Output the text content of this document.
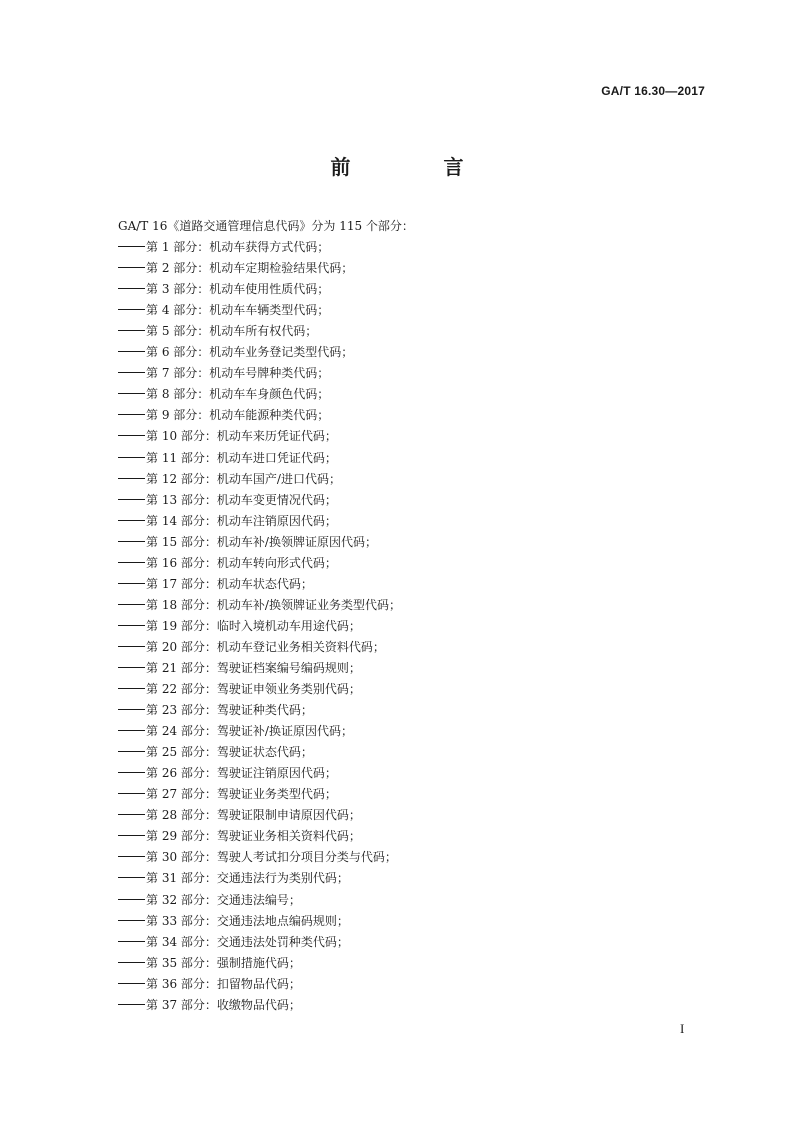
GA/T 16.30—2017
前 言
GA/T 16《道路交通管理信息代码》分为 115 个部分：
第 1 部分：机动车获得方式代码；
第 2 部分：机动车定期检验结果代码；
第 3 部分：机动车使用性质代码；
第 4 部分：机动车车辆类型代码；
第 5 部分：机动车所有权代码；
第 6 部分：机动车业务登记类型代码；
第 7 部分：机动车号牌种类代码；
第 8 部分：机动车车身颜色代码；
第 9 部分：机动车能源种类代码；
第 10 部分：机动车来历凭证代码；
第 11 部分：机动车进口凭证代码；
第 12 部分：机动车国产/进口代码；
第 13 部分：机动车变更情况代码；
第 14 部分：机动车注销原因代码；
第 15 部分：机动车补/换领牌证原因代码；
第 16 部分：机动车转向形式代码；
第 17 部分：机动车状态代码；
第 18 部分：机动车补/换领牌证业务类型代码；
第 19 部分：临时入境机动车用途代码；
第 20 部分：机动车登记业务相关资料代码；
第 21 部分：驾驶证档案编号编码规则；
第 22 部分：驾驶证申领业务类别代码；
第 23 部分：驾驶证种类代码；
第 24 部分：驾驶证补/换证原因代码；
第 25 部分：驾驶证状态代码；
第 26 部分：驾驶证注销原因代码；
第 27 部分：驾驶证业务类型代码；
第 28 部分：驾驶证限制申请原因代码；
第 29 部分：驾驶证业务相关资料代码；
第 30 部分：驾驶人考试扣分项目分类与代码；
第 31 部分：交通违法行为类别代码；
第 32 部分：交通违法编号；
第 33 部分：交通违法地点编码规则；
第 34 部分：交通违法处罚种类代码；
第 35 部分：强制措施代码；
第 36 部分：扣留物品代码；
第 37 部分：收缴物品代码；
I
